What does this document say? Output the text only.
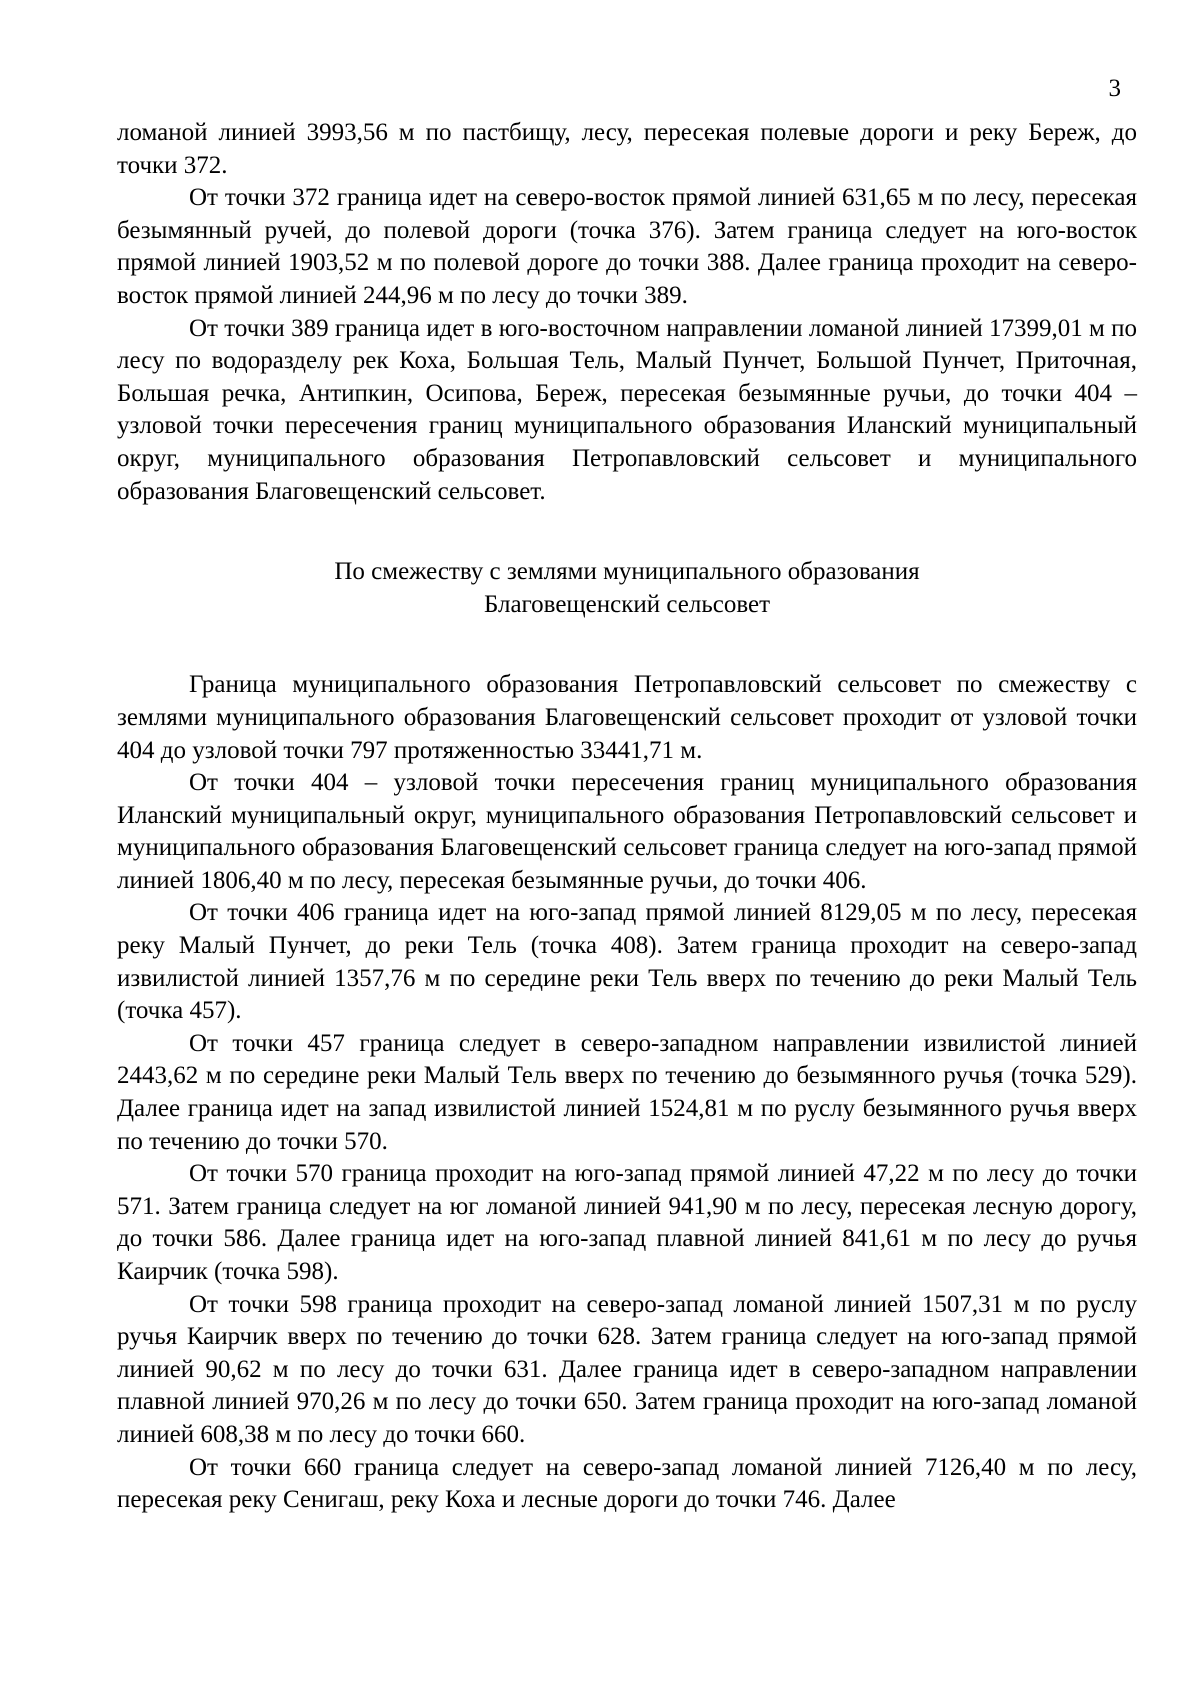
3

ломаной линией 3993,56 м по пастбищу, лесу, пересекая полевые дороги и реку Береж, до точки 372.

От точки 372 граница идет на северо-восток прямой линией 631,65 м по лесу, пересекая безымянный ручей, до полевой дороги (точка 376). Затем граница следует на юго-восток прямой линией 1903,52 м по полевой дороге до точки 388. Далее граница проходит на северо-восток прямой линией 244,96 м по лесу до точки 389.

От точки 389 граница идет в юго-восточном направлении ломаной линией 17399,01 м по лесу по водоразделу рек Коха, Большая Тель, Малый Пунчет, Большой Пунчет, Приточная, Большая речка, Антипкин, Осипова, Береж, пересекая безымянные ручьи, до точки 404 – узловой точки пересечения границ муниципального образования Иланский муниципальный округ, муниципального образования Петропавловский сельсовет и муниципального образования Благовещенский сельсовет.

По смежеству с землями муниципального образования
Благовещенский сельсовет

Граница муниципального образования Петропавловский сельсовет по смежеству с землями муниципального образования Благовещенский сельсовет проходит от узловой точки 404 до узловой точки 797 протяженностью 33441,71 м.

От точки 404 – узловой точки пересечения границ муниципального образования Иланский муниципальный округ, муниципального образования Петропавловский сельсовет и муниципального образования Благовещенский сельсовет граница следует на юго-запад прямой линией 1806,40 м по лесу, пересекая безымянные ручьи, до точки 406.

От точки 406 граница идет на юго-запад прямой линией 8129,05 м по лесу, пересекая реку Малый Пунчет, до реки Тель (точка 408). Затем граница проходит на северо-запад извилистой линией 1357,76 м по середине реки Тель вверх по течению до реки Малый Тель (точка 457).

От точки 457 граница следует в северо-западном направлении извилистой линией 2443,62 м по середине реки Малый Тель вверх по течению до безымянного ручья (точка 529). Далее граница идет на запад извилистой линией 1524,81 м по руслу безымянного ручья вверх по течению до точки 570.

От точки 570 граница проходит на юго-запад прямой линией 47,22 м по лесу до точки 571. Затем граница следует на юг ломаной линией 941,90 м по лесу, пересекая лесную дорогу, до точки 586. Далее граница идет на юго-запад плавной линией 841,61 м по лесу до ручья Каирчик (точка 598).

От точки 598 граница проходит на северо-запад ломаной линией 1507,31 м по руслу ручья Каирчик вверх по течению до точки 628. Затем граница следует на юго-запад прямой линией 90,62 м по лесу до точки 631. Далее граница идет в северо-западном направлении плавной линией 970,26 м по лесу до точки 650. Затем граница проходит на юго-запад ломаной линией 608,38 м по лесу до точки 660.

От точки 660 граница следует на северо-запад ломаной линией 7126,40 м по лесу, пересекая реку Сенигаш, реку Коха и лесные дороги до точки 746. Далее
